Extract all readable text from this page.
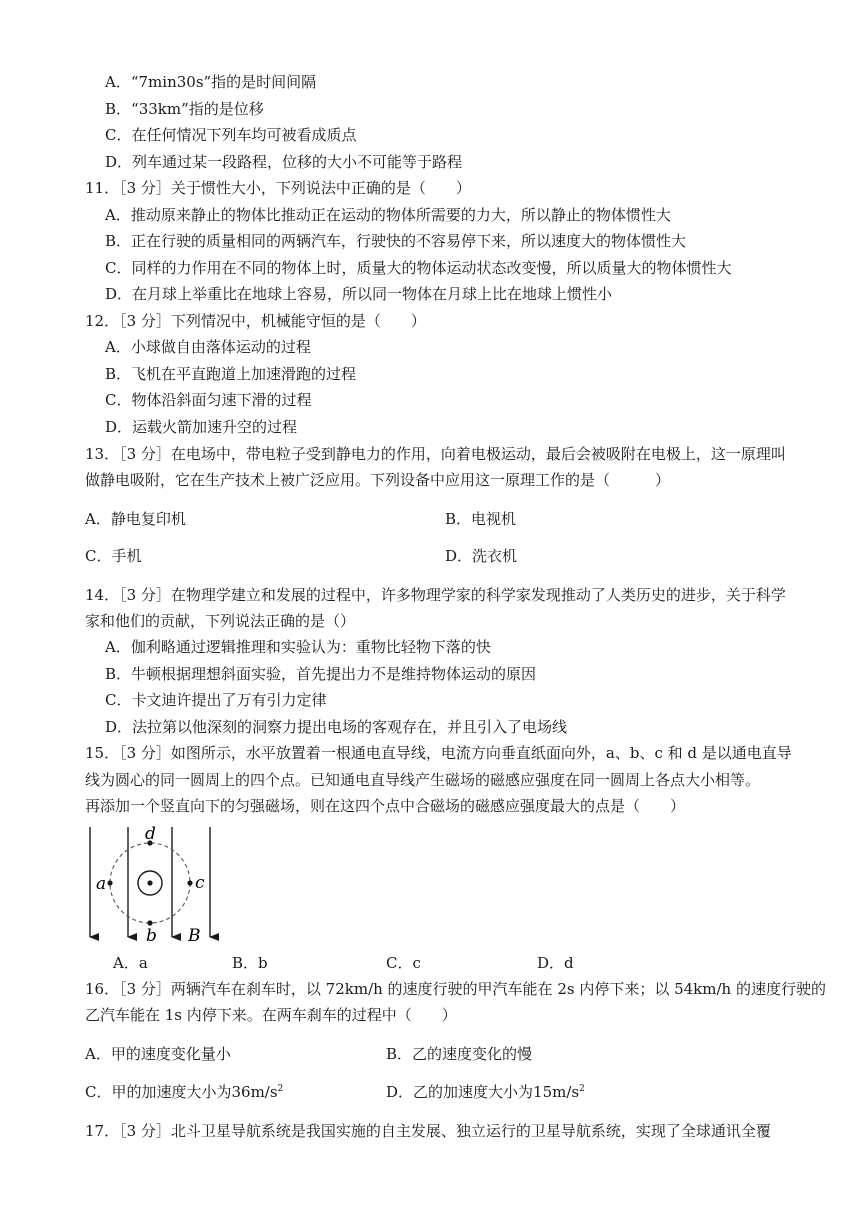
A．“7min30s”指的是时间间隔
B．“33km”指的是位移
C．在任何情况下列车均可被看成质点
D．列车通过某一段路程，位移的大小不可能等于路程
11．［3 分］关于惯性大小，下列说法中正确的是（　　）
A．推动原来静止的物体比推动正在运动的物体所需要的力大，所以静止的物体惯性大
B．正在行驶的质量相同的两辆汽车，行驶快的不容易停下来，所以速度大的物体惯性大
C．同样的力作用在不同的物体上时，质量大的物体运动状态改变慢，所以质量大的物体惯性大
D．在月球上举重比在地球上容易，所以同一物体在月球上比在地球上惯性小
12．［3 分］下列情况中，机械能守恒的是（　　）
A．小球做自由落体运动的过程
B．飞机在平直跑道上加速滑跑的过程
C．物体沿斜面匀速下滑的过程
D．运载火箭加速升空的过程
13．［3 分］在电场中，带电粒子受到静电力的作用，向着电极运动，最后会被吸附在电极上，这一原理叫
做静电吸附，它在生产技术上被广泛应用。下列设备中应用这一原理工作的是（　　　）
A．静电复印机	B．电视机
C．手机	D．洗衣机
14．［3 分］在物理学建立和发展的过程中，许多物理学家的科学家发现推动了人类历史的进步，关于科学
家和他们的贡献，下列说法正确的是（）
A．伽利略通过逻辑推理和实验认为：重物比轻物下落的快
B．牛顿根据理想斜面实验，首先提出力不是维持物体运动的原因
C．卡文迪许提出了万有引力定律
D．法拉第以他深刻的洞察力提出电场的客观存在，并且引入了电场线
15．［3 分］如图所示，水平放置着一根通电直导线，电流方向垂直纸面向外，a、b、c 和 d 是以通电直导
线为圆心的同一圆周上的四个点。已知通电直导线产生磁场的磁感应强度在同一圆周上各点大小相等。
再添加一个竖直向下的匀强磁场，则在这四个点中合磁场的磁感应强度最大的点是（　　）
d
a	c
b B
A．a	B．b	C．c	D．d
16．［3 分］两辆汽车在刹车时，以 72km/h 的速度行驶的甲汽车能在 2s 内停下来；以 54km/h 的速度行驶的
乙汽车能在 1s 内停下来。在两车刹车的过程中（　　）
A．甲的速度变化量小	B．乙的速度变化的慢
C．甲的加速度大小为$36m/s^2$	D．乙的加速度大小为$15m/s^2$
17．［3 分］北斗卫星导航系统是我国实施的自主发展、独立运行的卫星导航系统，实现了全球通讯全覆
